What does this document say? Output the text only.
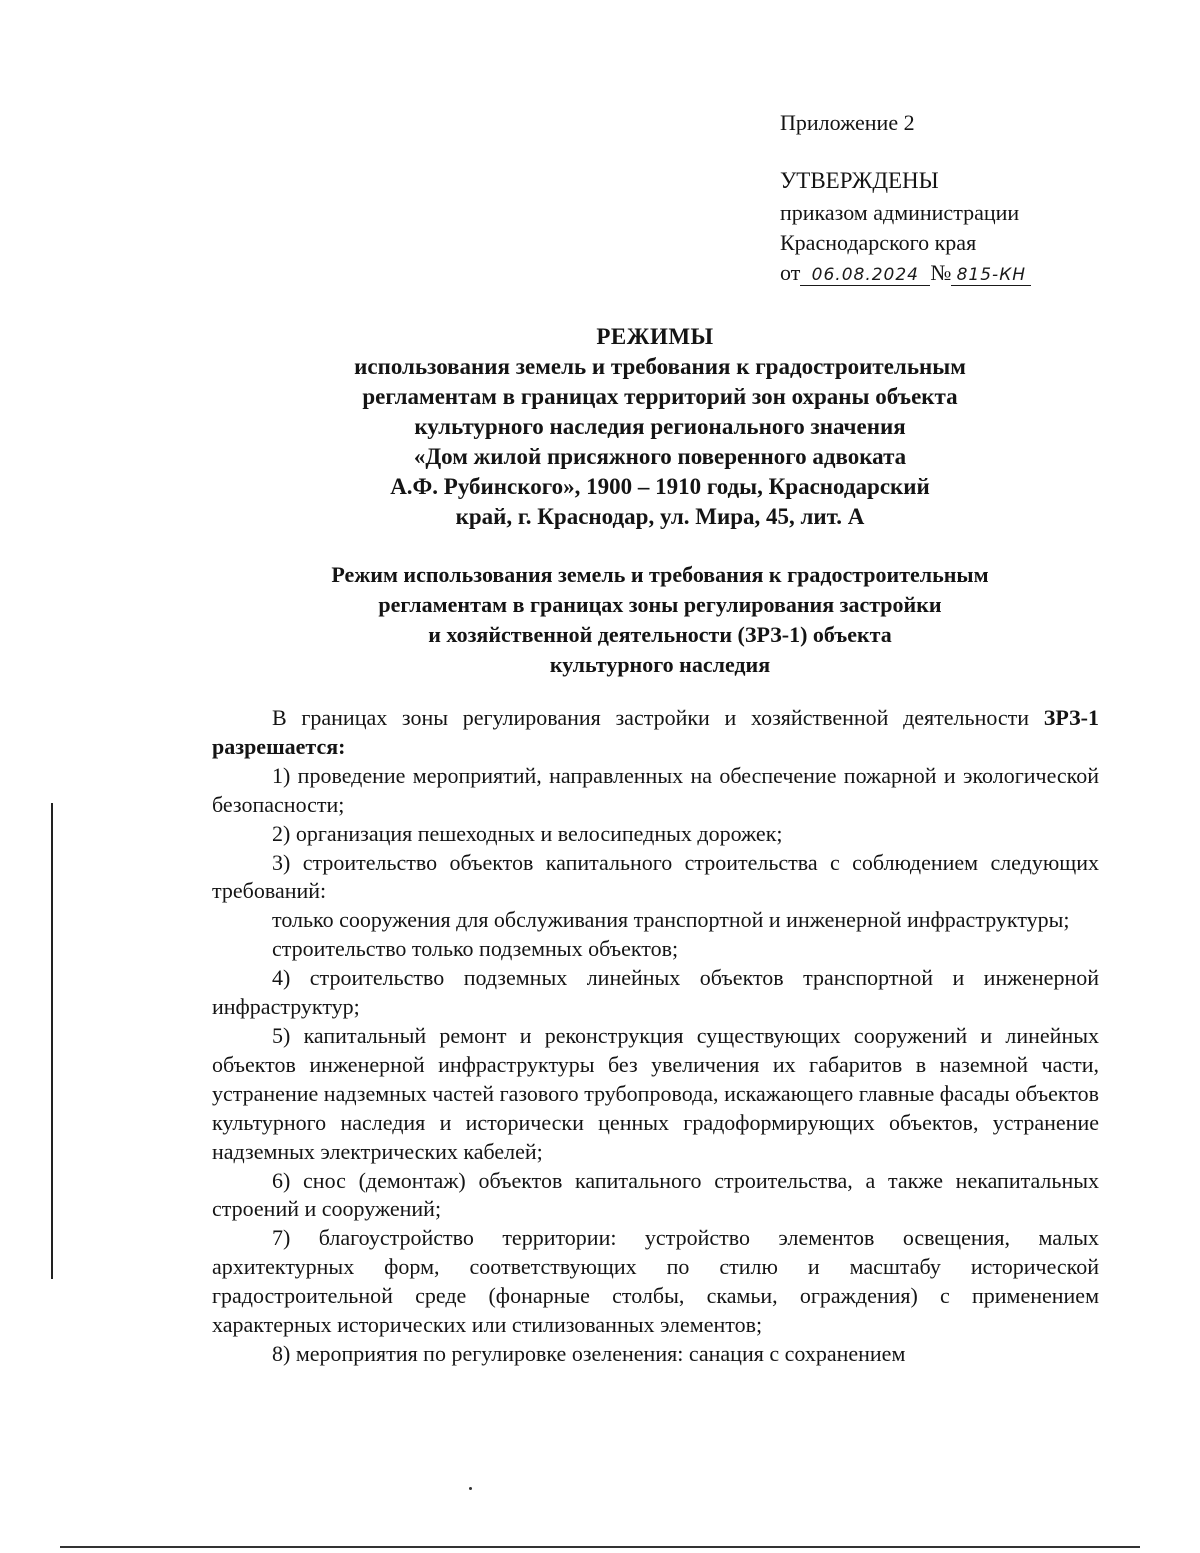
Приложение 2
УТВЕРЖДЕНЫ
приказом администрации
Краснодарского края
от 06.08.2024 № 815-КН
РЕЖИМЫ
использования земель и требования к градостроительным
регламентам в границах территорий зон охраны объекта
культурного наследия регионального значения
«Дом жилой присяжного поверенного адвоката
А.Ф. Рубинского», 1900 – 1910 годы, Краснодарский
край, г. Краснодар, ул. Мира, 45, лит. А
Режим использования земель и требования к градостроительным
регламентам в границах зоны регулирования застройки
и хозяйственной деятельности (ЗРЗ-1) объекта
культурного наследия
В границах зоны регулирования застройки и хозяйственной деятельности ЗРЗ-1 разрешается:
1) проведение мероприятий, направленных на обеспечение пожарной и экологической безопасности;
2) организация пешеходных и велосипедных дорожек;
3) строительство объектов капитального строительства с соблюдением следующих требований:
только сооружения для обслуживания транспортной и инженерной инфраструктуры;
строительство только подземных объектов;
4) строительство подземных линейных объектов транспортной и инженерной инфраструктур;
5) капитальный ремонт и реконструкция существующих сооружений и линейных объектов инженерной инфраструктуры без увеличения их габаритов в наземной части, устранение надземных частей газового трубопровода, искажающего главные фасады объектов культурного наследия и исторически ценных градоформирующих объектов, устранение надземных электрических кабелей;
6) снос (демонтаж) объектов капитального строительства, а также некапитальных строений и сооружений;
7) благоустройство территории: устройство элементов освещения, малых архитектурных форм, соответствующих по стилю и масштабу исторической градостроительной среде (фонарные столбы, скамьи, ограждения) с применением характерных исторических или стилизованных элементов;
8) мероприятия по регулировке озеленения: санация с сохранением
